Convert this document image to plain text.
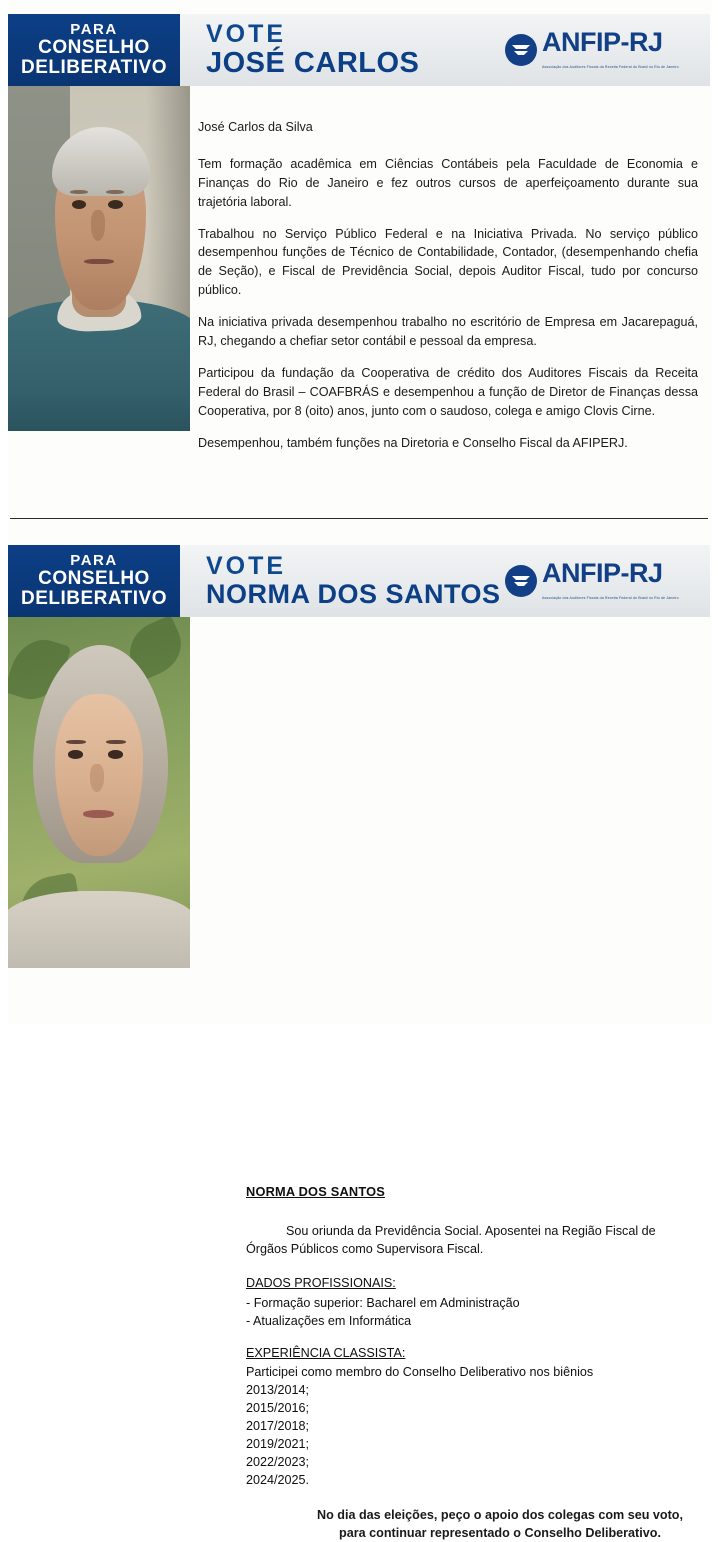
PARA
CONSELHO
DELIBERATIVO
VOTE
JOSÉ CARLOS
ANFIP-RJ Associação dos Auditores Fiscais da Receita Federal do Brasil no Rio de Janeiro

José Carlos da Silva

Tem formação acadêmica em Ciências Contábeis pela Faculdade de Economia e Finanças do Rio de Janeiro e fez outros cursos de aperfeiçoamento durante sua trajetória laboral.

Trabalhou no Serviço Público Federal e na Iniciativa Privada. No serviço público desempenhou funções de Técnico de Contabilidade, Contador, (desempenhando chefia de Seção), e Fiscal de Previdência Social, depois Auditor Fiscal, tudo por concurso público.

Na iniciativa privada desempenhou trabalho no escritório de Empresa em Jacarepaguá, RJ, chegando a chefiar setor contábil e pessoal da empresa.

Participou da fundação da Cooperativa de crédito dos Auditores Fiscais da Receita Federal do Brasil – COAFBRÁS e desempenhou a função de Diretor de Finanças dessa Cooperativa, por 8 (oito) anos, junto com o saudoso, colega e amigo Clovis Cirne.

Desempenhou, também funções na Diretoria e Conselho Fiscal da AFIPERJ.

PARA
CONSELHO
DELIBERATIVO
VOTE
NORMA DOS SANTOS
ANFIP-RJ Associação dos Auditores Fiscais da Receita Federal do Brasil no Rio de Janeiro

NORMA DOS SANTOS

Sou oriunda da Previdência Social. Aposentei na Região Fiscal de Órgãos Públicos como Supervisora Fiscal.

DADOS PROFISSIONAIS:

- Formação superior: Bacharel em Administração

- Atualizações em Informática

EXPERIÊNCIA CLASSISTA:

Participei como membro do Conselho Deliberativo nos biênios

2013/2014;

2015/2016;

2017/2018;

2019/2021;

2022/2023;

2024/2025.

No dia das eleições, peço o apoio dos colegas com seu voto,
para continuar representado o Conselho Deliberativo.
